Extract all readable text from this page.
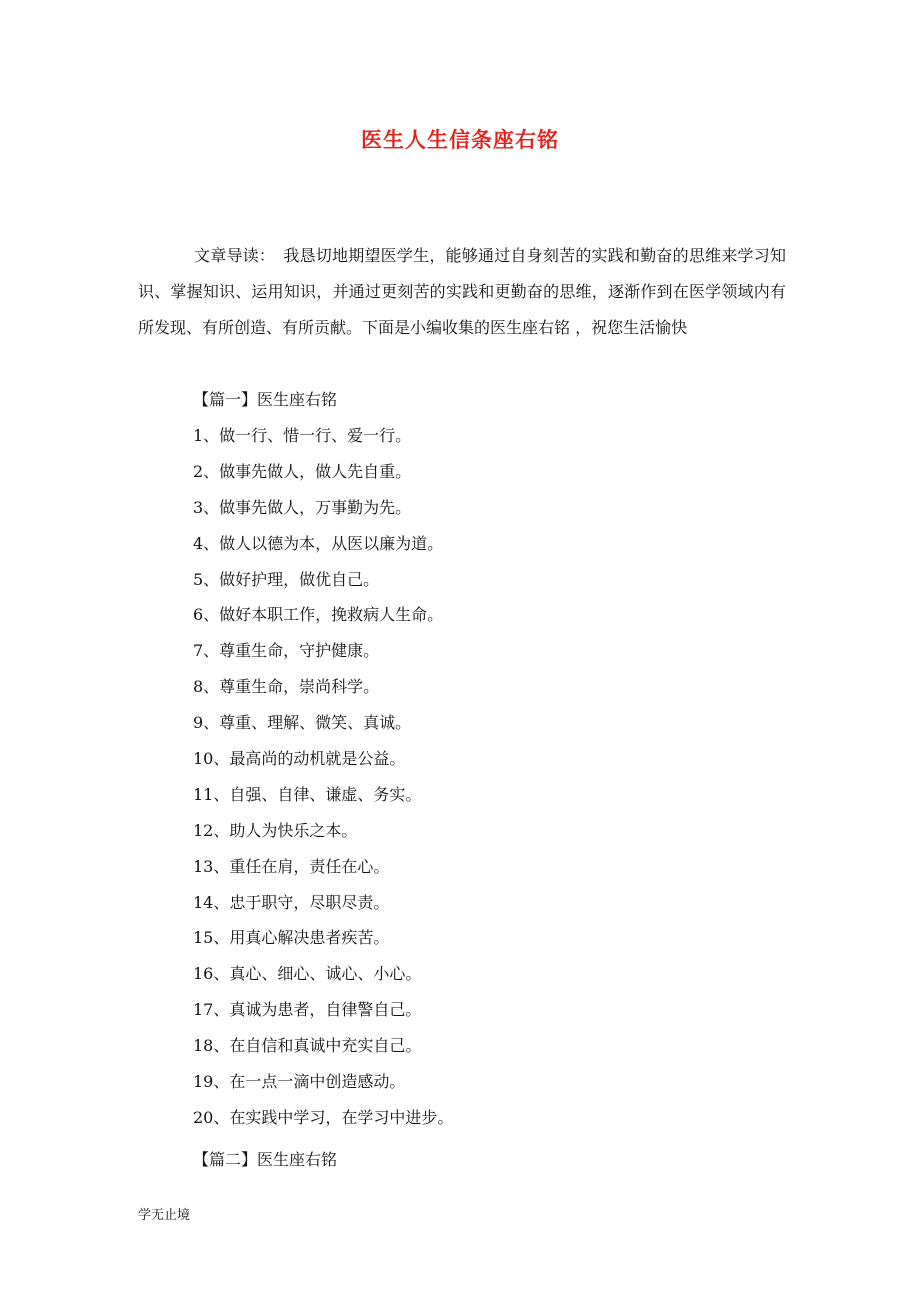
医生人生信条座右铭
文章导读：　我恳切地期望医学生，能够通过自身刻苦的实践和勤奋的思维来学习知识、掌握知识、运用知识，并通过更刻苦的实践和更勤奋的思维，逐渐作到在医学领域内有所发现、有所创造、有所贡献。下面是小编收集的医生座右铭 ，祝您生活愉快
【篇一】医生座右铭
1、做一行、惜一行、爱一行。
2、做事先做人，做人先自重。
3、做事先做人，万事勤为先。
4、做人以德为本，从医以廉为道。
5、做好护理，做优自己。
6、做好本职工作，挽救病人生命。
7、尊重生命，守护健康。
8、尊重生命，崇尚科学。
9、尊重、理解、微笑、真诚。
10、最高尚的动机就是公益。
11、自强、自律、谦虚、务实。
12、助人为快乐之本。
13、重任在肩，责任在心。
14、忠于职守，尽职尽责。
15、用真心解决患者疾苦。
16、真心、细心、诚心、小心。
17、真诚为患者，自律警自己。
18、在自信和真诚中充实自己。
19、在一点一滴中创造感动。
20、在实践中学习，在学习中进步。
【篇二】医生座右铭
学无止境
